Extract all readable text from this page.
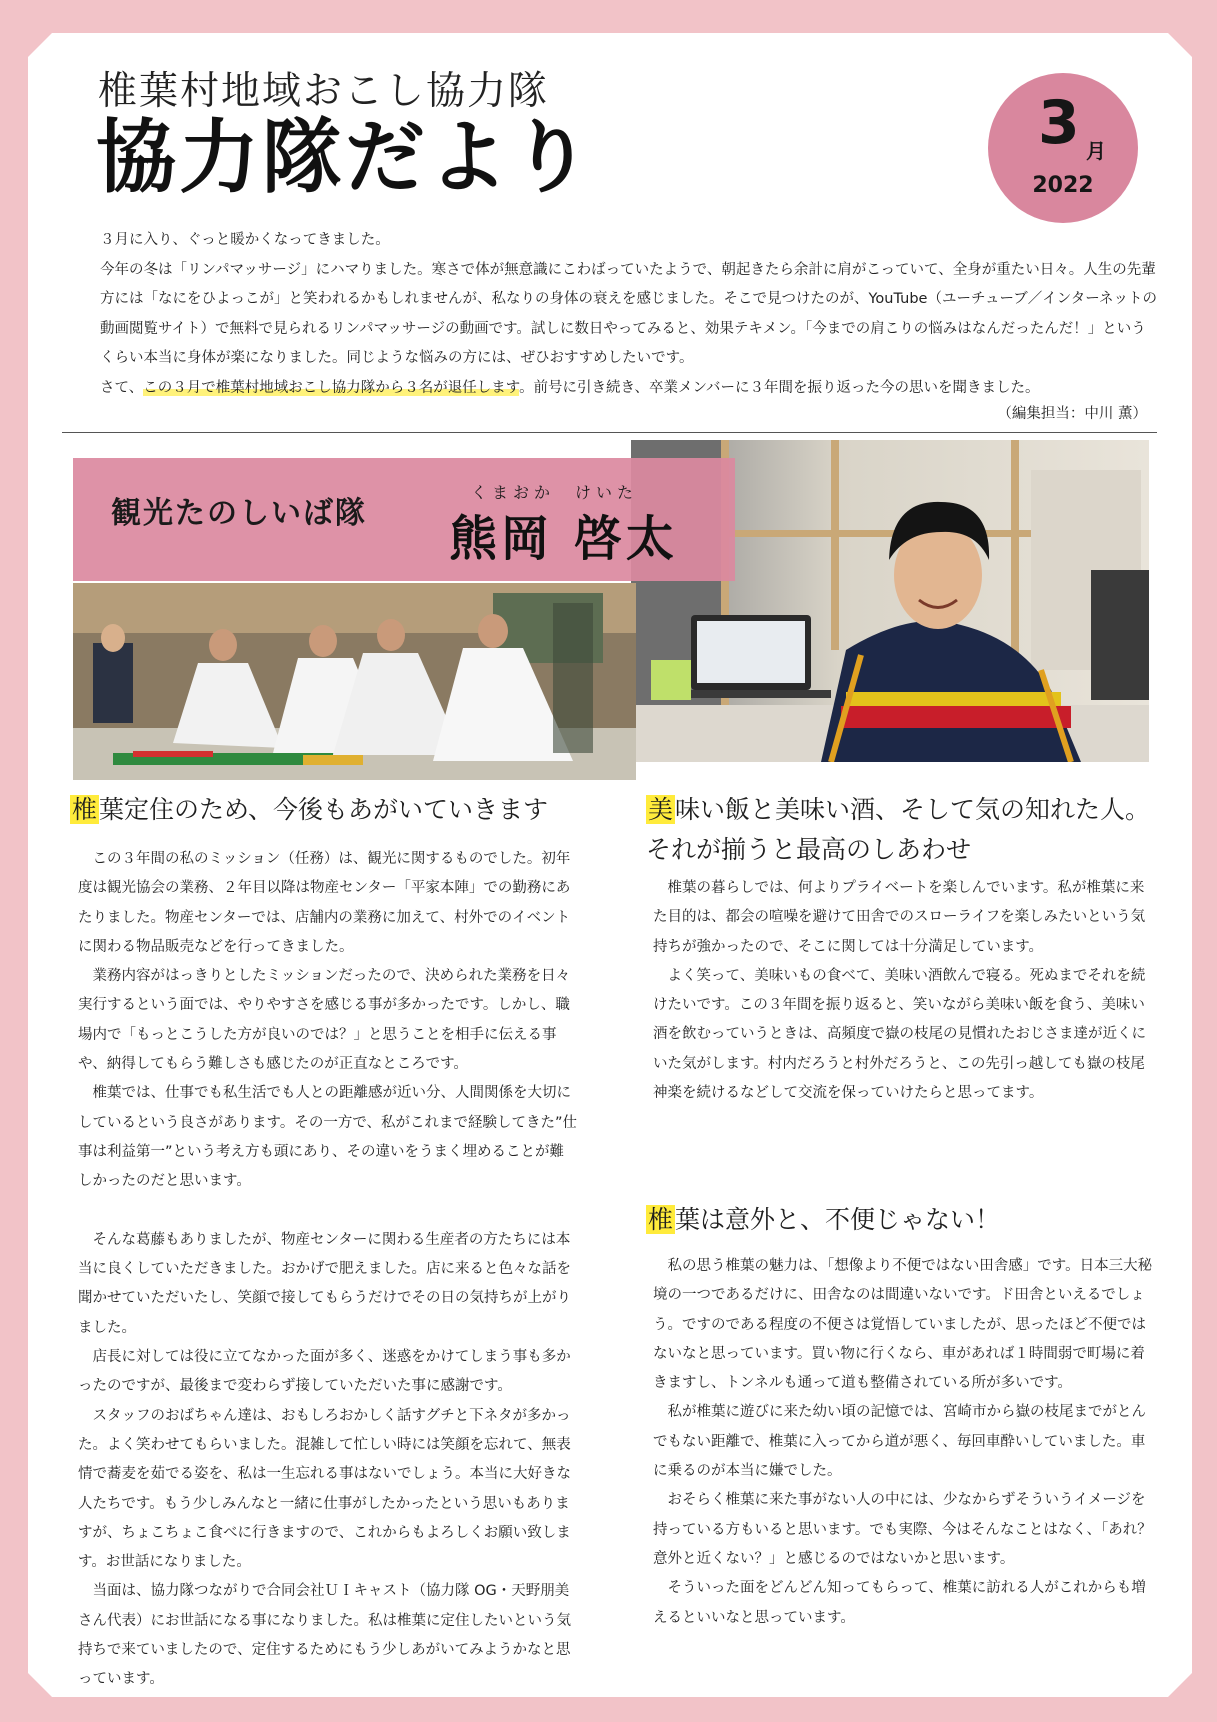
椎葉村地域おこし協力隊
協力隊だより	3 月
2022

３月に入り、ぐっと暖かくなってきました。

今年の冬は「リンパマッサージ」にハマりました。寒さで体が無意識にこわばっていたようで、朝起きたら余計に肩がこっていて、全身が重たい日々。人生の先輩方には「なにをひよっこが」と笑われるかもしれませんが、私なりの身体の衰えを感じました。そこで見つけたのが、YouTube（ユーチューブ／インターネットの動画閲覧サイト）で無料で見られるリンパマッサージの動画です。試しに数日やってみると、効果テキメン。「今までの肩こりの悩みはなんだったんだ！」というくらい本当に身体が楽になりました。同じような悩みの方には、ぜひおすすめしたいです。

さて、この３月で椎葉村地域おこし協力隊から３名が退任します。前号に引き続き、卒業メンバーに３年間を振り返った今の思いを聞きました。

（編集担当：中川 薫）
観光たのしいば隊
くまおか けいた
熊岡 啓太
椎葉定住のため、今後もあがいていきます

この３年間の私のミッション（任務）は、観光に関するものでした。初年度は観光協会の業務、２年目以降は物産センター「平家本陣」での勤務にあたりました。物産センターでは、店舗内の業務に加えて、村外でのイベントに関わる物品販売などを行ってきました。

業務内容がはっきりとしたミッションだったので、決められた業務を日々実行するという面では、やりやすさを感じる事が多かったです。しかし、職場内で「もっとこうした方が良いのでは？」と思うことを相手に伝える事や、納得してもらう難しさも感じたのが正直なところです。

椎葉では、仕事でも私生活でも人との距離感が近い分、人間関係を大切にしているという良さがあります。その一方で、私がこれまで経験してきた”仕事は利益第一”という考え方も頭にあり、その違いをうまく埋めることが難しかったのだと思います。

そんな葛藤もありましたが、物産センターに関わる生産者の方たちには本当に良くしていただきました。おかげで肥えました。店に来ると色々な話を聞かせていただいたし、笑顔で接してもらうだけでその日の気持ちが上がりました。

店長に対しては役に立てなかった面が多く、迷惑をかけてしまう事も多かったのですが、最後まで変わらず接していただいた事に感謝です。

スタッフのおばちゃん達は、おもしろおかしく話すグチと下ネタが多かった。よく笑わせてもらいました。混雑して忙しい時には笑顔を忘れて、無表情で蕎麦を茹でる姿を、私は一生忘れる事はないでしょう。本当に大好きな人たちです。もう少しみんなと一緒に仕事がしたかったという思いもありますが、ちょこちょこ食べに行きますので、これからもよろしくお願い致します。お世話になりました。

当面は、協力隊つながりで合同会社ＵＩキャスト（協力隊 OG・天野朋美さん代表）にお世話になる事になりました。私は椎葉に定住したいという気持ちで来ていましたので、定住するためにもう少しあがいてみようかなと思っています。

美味い飯と美味い酒、そして気の知れた人。
それが揃うと最高のしあわせ

椎葉の暮らしでは、何よりプライベートを楽しんでいます。私が椎葉に来た目的は、都会の喧噪を避けて田舎でのスローライフを楽しみたいという気持ちが強かったので、そこに関しては十分満足しています。

よく笑って、美味いもの食べて、美味い酒飲んで寝る。死ぬまでそれを続けたいです。この３年間を振り返ると、笑いながら美味い飯を食う、美味い酒を飲むっていうときは、高頻度で嶽の枝尾の見慣れたおじさま達が近くにいた気がします。村内だろうと村外だろうと、この先引っ越しても嶽の枝尾神楽を続けるなどして交流を保っていけたらと思ってます。

椎葉は意外と、不便じゃない！

私の思う椎葉の魅力は、「想像より不便ではない田舎感」です。日本三大秘境の一つであるだけに、田舎なのは間違いないです。ド田舎といえるでしょう。ですのである程度の不便さは覚悟していましたが、思ったほど不便ではないなと思っています。買い物に行くなら、車があれば１時間弱で町場に着きますし、トンネルも通って道も整備されている所が多いです。

私が椎葉に遊びに来た幼い頃の記憶では、宮崎市から嶽の枝尾までがとんでもない距離で、椎葉に入ってから道が悪く、毎回車酔いしていました。車に乗るのが本当に嫌でした。

おそらく椎葉に来た事がない人の中には、少なからずそういうイメージを持っている方もいると思います。でも実際、今はそんなことはなく、「あれ？意外と近くない？」と感じるのではないかと思います。

そういった面をどんどん知ってもらって、椎葉に訪れる人がこれからも増えるといいなと思っています。
